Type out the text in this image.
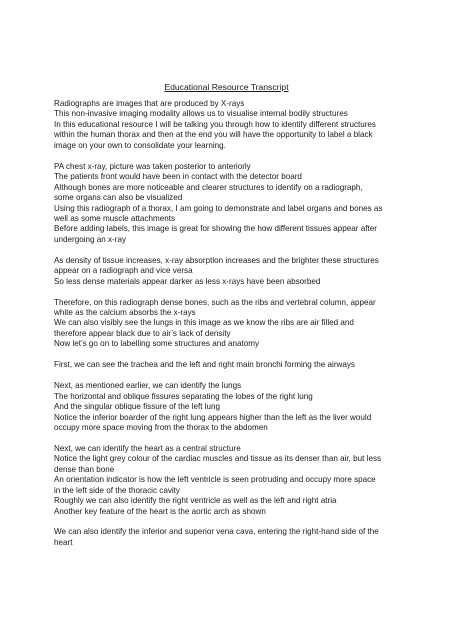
Educational Resource Transcript
Radiographs are images that are produced by X-rays
This non-invasive imaging modality allows us to visualise internal bodily structures
In this educational resource I will be talking you through how to identify different structures
within the human thorax and then at the end you will have the opportunity to label a black
image on your own to consolidate your learning.
PA chest x-ray, picture was taken posterior to anteriorly
The patients front would have been in contact with the detector board
Although bones are more noticeable and clearer structures to identify on a radiograph,
some organs can also be visualized
Using this radiograph of a thorax, I am going to demonstrate and label organs and bones as
well as some muscle attachments
Before adding labels, this image is great for showing the how different tissues appear after
undergoing an x-ray
As density of tissue increases, x-ray absorption increases and the brighter these structures
appear on a radiograph and vice versa
So less dense materials appear darker as less x-rays have been absorbed
Therefore, on this radiograph dense bones, such as the ribs and vertebral column, appear
white as the calcium absorbs the x-rays
We can also visibly see the lungs in this image as we know the ribs are air filled and
therefore appear black due to air’s lack of density
Now let’s go on to labelling some structures and anatomy
First, we can see the trachea and the left and right main bronchi forming the airways
Next, as mentioned earlier, we can identify the lungs
The horizontal and oblique fissures separating the lobes of the right lung
And the singular oblique fissure of the left lung
Notice the inferior boarder of the right lung appears higher than the left as the liver would
occupy more space moving from the thorax to the abdomen
Next, we can identify the heart as a central structure
Notice the light grey colour of the cardiac muscles and tissue as its denser than air, but less
dense than bone
An orientation indicator is how the left ventricle is seen protruding and occupy more space
in the left side of the thoracic cavity
Roughly we can also identify the right ventricle as well as the left and right atria
Another key feature of the heart is the aortic arch as shown
We can also identify the inferior and superior vena cava, entering the right-hand side of the
heart
